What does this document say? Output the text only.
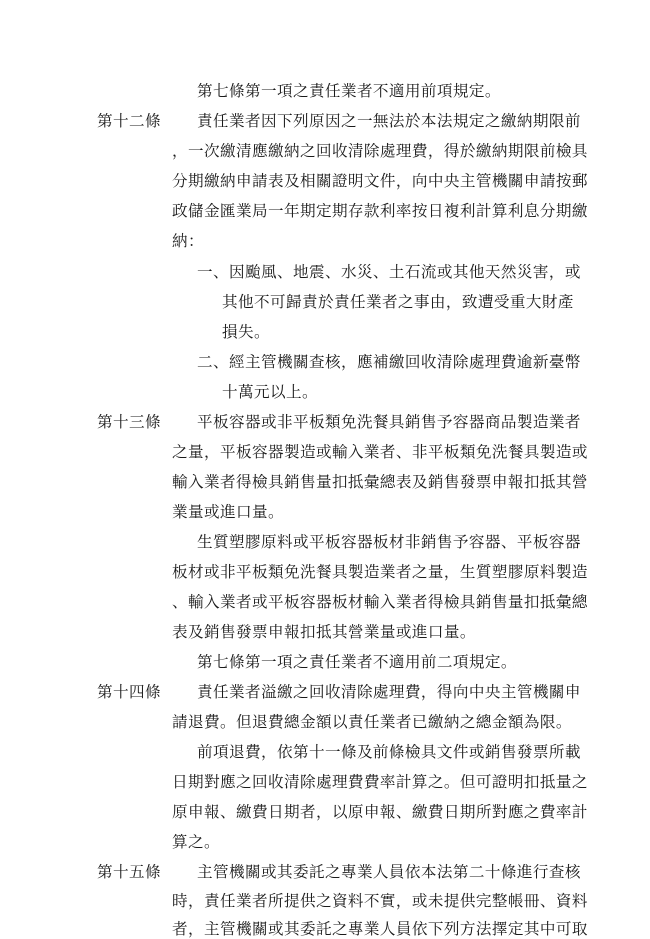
第七條第一項之責任業者不適用前項規定。
第十二條	責任業者因下列原因之一無法於本法規定之繳納期限前
，一次繳清應繳納之回收清除處理費，得於繳納期限前檢具
分期繳納申請表及相關證明文件，向中央主管機關申請按郵
政儲金匯業局一年期定期存款利率按日複利計算利息分期繳
納：
一、因颱風、地震、水災、土石流或其他天然災害，或
其他不可歸責於責任業者之事由，致遭受重大財產
損失。
二、經主管機關查核，應補繳回收清除處理費逾新臺幣
十萬元以上。
第十三條	平板容器或非平板類免洗餐具銷售予容器商品製造業者
之量，平板容器製造或輸入業者、非平板類免洗餐具製造或
輸入業者得檢具銷售量扣抵彙總表及銷售發票申報扣抵其營
業量或進口量。
生質塑膠原料或平板容器板材非銷售予容器、平板容器
板材或非平板類免洗餐具製造業者之量，生質塑膠原料製造
、輸入業者或平板容器板材輸入業者得檢具銷售量扣抵彙總
表及銷售發票申報扣抵其營業量或進口量。
第七條第一項之責任業者不適用前二項規定。
第十四條	責任業者溢繳之回收清除處理費，得向中央主管機關申
請退費。但退費總金額以責任業者已繳納之總金額為限。
前項退費，依第十一條及前條檢具文件或銷售發票所載
日期對應之回收清除處理費費率計算之。但可證明扣抵量之
原申報、繳費日期者，以原申報、繳費日期所對應之費率計
算之。
第十五條	主管機關或其委託之專業人員依本法第二十條進行查核
時，責任業者所提供之資料不實，或未提供完整帳冊、資料
者，主管機關或其委託之專業人員依下列方法擇定其中可取
